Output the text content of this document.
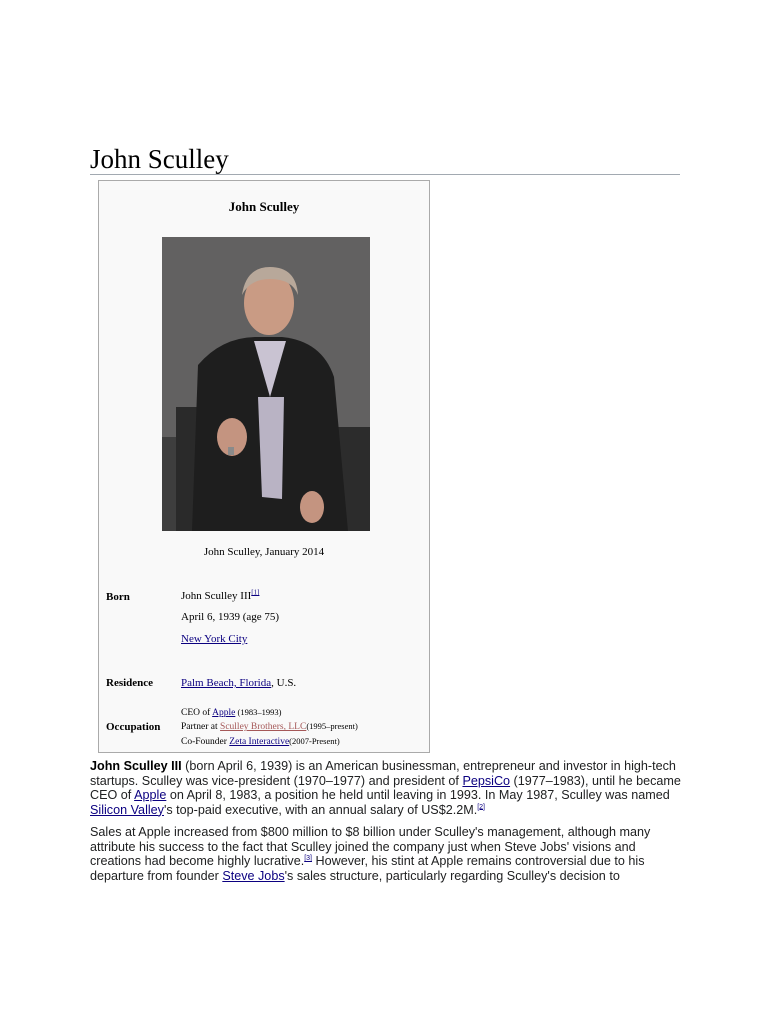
John Sculley
John Sculley
John Sculley, January 2014
Born	John Sculley III[1]
April 6, 1939 (age 75)
New York City
Residence	Palm Beach, Florida, U.S.
CEO of Apple (1983–1993)
Occupation Partner at Sculley Brothers, LLC(1995–present)
Co-Founder Zeta Interactive(2007-Present)

John Sculley III (born April 6, 1939) is an American businessman, entrepreneur and investor in high-tech startups. Sculley was vice-president (1970–1977) and president of PepsiCo (1977–1983), until he became CEO of Apple on April 8, 1983, a position he held until leaving in 1993. In May 1987, Sculley was named Silicon Valley's top-paid executive, with an annual salary of US$2.2M.[2]

Sales at Apple increased from $800 million to $8 billion under Sculley's management, although many attribute his success to the fact that Sculley joined the company just when Steve Jobs' visions and creations had become highly lucrative.[3] However, his stint at Apple remains controversial due to his departure from founder Steve Jobs's sales structure, particularly regarding Sculley's decision to
